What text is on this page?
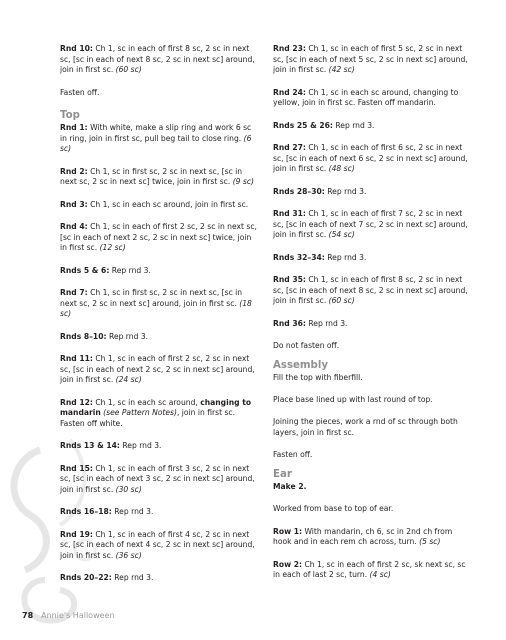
Rnd 10: Ch 1, sc in each of first 8 sc, 2 sc in next sc, [sc in each of next 8 sc, 2 sc in next sc] around, join in first sc. (60 sc)

Fasten off.

Top

Rnd 1: With white, make a slip ring and work 6 sc in ring, join in first sc, pull beg tail to close ring. (6 sc)

Rnd 2: Ch 1, sc in first sc, 2 sc in next sc, [sc in next sc, 2 sc in next sc] twice, join in first sc. (9 sc)

Rnd 3: Ch 1, sc in each sc around, join in first sc.

Rnd 4: Ch 1, sc in each of first 2 sc, 2 sc in next sc, [sc in each of next 2 sc, 2 sc in next sc] twice, join in first sc. (12 sc)

Rnds 5 & 6: Rep rnd 3.

Rnd 7: Ch 1, sc in first sc, 2 sc in next sc, [sc in next sc, 2 sc in next sc] around, join in first sc. (18 sc)

Rnds 8–10: Rep rnd 3.

Rnd 11: Ch 1, sc in each of first 2 sc, 2 sc in next sc, [sc in each of next 2 sc, 2 sc in next sc] around, join in first sc. (24 sc)

Rnd 12: Ch 1, sc in each sc around, changing to mandarin (see Pattern Notes), join in first sc. Fasten off white.

Rnds 13 & 14: Rep rnd 3.

Rnd 15: Ch 1, sc in each of first 3 sc, 2 sc in next sc, [sc in each of next 3 sc, 2 sc in next sc] around, join in first sc. (30 sc)

Rnds 16–18: Rep rnd 3.

Rnd 19: Ch 1, sc in each of first 4 sc, 2 sc in next sc, [sc in each of next 4 sc, 2 sc in next sc] around, join in first sc. (36 sc)

Rnds 20–22: Rep rnd 3.

Rnd 23: Ch 1, sc in each of first 5 sc, 2 sc in next sc, [sc in each of next 5 sc, 2 sc in next sc] around, join in first sc. (42 sc)

Rnd 24: Ch 1, sc in each sc around, changing to yellow, join in first sc. Fasten off mandarin.

Rnds 25 & 26: Rep rnd 3.

Rnd 27: Ch 1, sc in each of first 6 sc, 2 sc in next sc, [sc in each of next 6 sc, 2 sc in next sc] around, join in first sc. (48 sc)

Rnds 28–30: Rep rnd 3.

Rnd 31: Ch 1, sc in each of first 7 sc, 2 sc in next sc, [sc in each of next 7 sc, 2 sc in next sc] around, join in first sc. (54 sc)

Rnds 32–34: Rep rnd 3.

Rnd 35: Ch 1, sc in each of first 8 sc, 2 sc in next sc, [sc in each of next 8 sc, 2 sc in next sc] around, join in first sc. (60 sc)

Rnd 36: Rep rnd 3.

Do not fasten off.

Assembly

Fill the top with fiberfill.

Place base lined up with last round of top.

Joining the pieces, work a rnd of sc through both layers, join in first sc.

Fasten off.

Ear

Make 2.

Worked from base to top of ear.

Row 1: With mandarin, ch 6, sc in 2nd ch from hook and in each rem ch across, turn. (5 sc)

Row 2: Ch 1, sc in each of first 2 sc, sk next sc, sc in each of last 2 sc, turn. (4 sc)

78 Annie's Halloween
